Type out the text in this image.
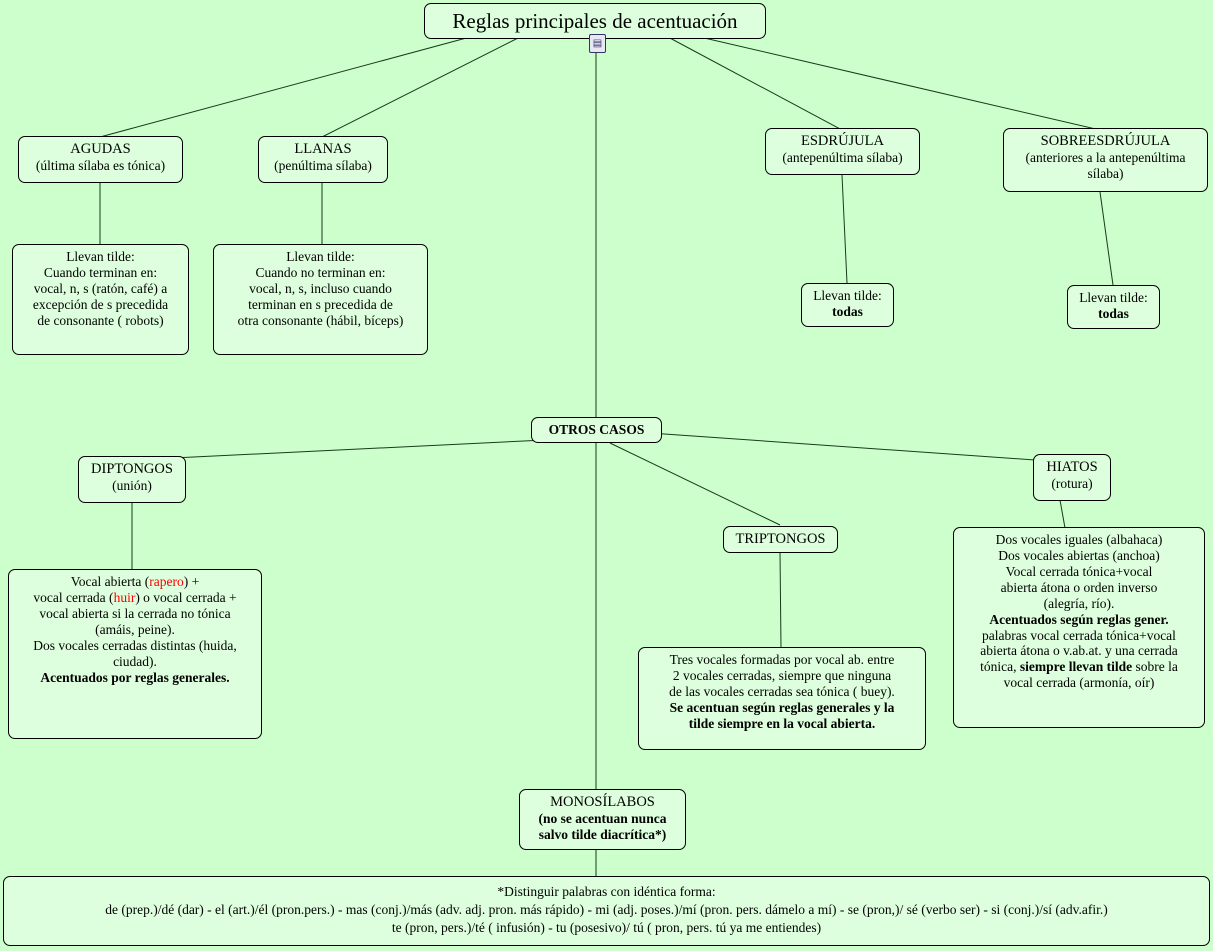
Reglas principales de acentuación
▤
AGUDAS
(última sílaba es tónica)
Llevan tilde:
Cuando terminan en:
vocal, n, s (ratón, café) a
excepción de s precedida
de consonante ( robots)
LLANAS
(penúltima sílaba)
Llevan tilde:
Cuando no terminan en:
vocal, n, s, incluso cuando
terminan en s precedida de
otra consonante (hábil, bíceps)
ESDRÚJULA
(antepenúltima sílaba)
Llevan tilde:
todas
SOBREESDRÚJULA
(anteriores a la antepenúltima
sílaba)
Llevan tilde:
todas
OTROS CASOS
DIPTONGOS
(unión)
Vocal abierta (rapero) +
vocal cerrada (huir) o vocal cerrada +
vocal abierta si la cerrada no tónica
(amáis, peine).
Dos vocales cerradas distintas (huida,
ciudad).
Acentuados por reglas generales.
TRIPTONGOS
Tres vocales formadas por vocal ab. entre
2 vocales cerradas, siempre que ninguna
de las vocales cerradas sea tónica ( buey).
Se acentuan según reglas generales y la
tilde siempre en la vocal abierta.
HIATOS
(rotura)
Dos vocales iguales (albahaca)
Dos vocales abiertas (anchoa)
Vocal cerrada tónica+vocal
abierta átona o orden inverso
(alegría, río).
Acentuados según reglas gener.
palabras vocal cerrada tónica+vocal
abierta átona o v.ab.at. y una cerrada
tónica, siempre llevan tilde sobre la
vocal cerrada (armonía, oír)
MONOSÍLABOS
(no se acentuan nunca
salvo tilde diacrítica*)
*Distinguir palabras con idéntica forma:
de (prep.)/dé (dar) - el (art.)/él (pron.pers.) - mas (conj.)/más (adv. adj. pron. más rápido) - mi (adj. poses.)/mí (pron. pers. dámelo a mí) - se (pron,)/ sé (verbo ser) - si (conj.)/sí (adv.afir.)
te (pron, pers.)/té ( infusión) - tu (posesivo)/ tú ( pron, pers. tú ya me entiendes)
